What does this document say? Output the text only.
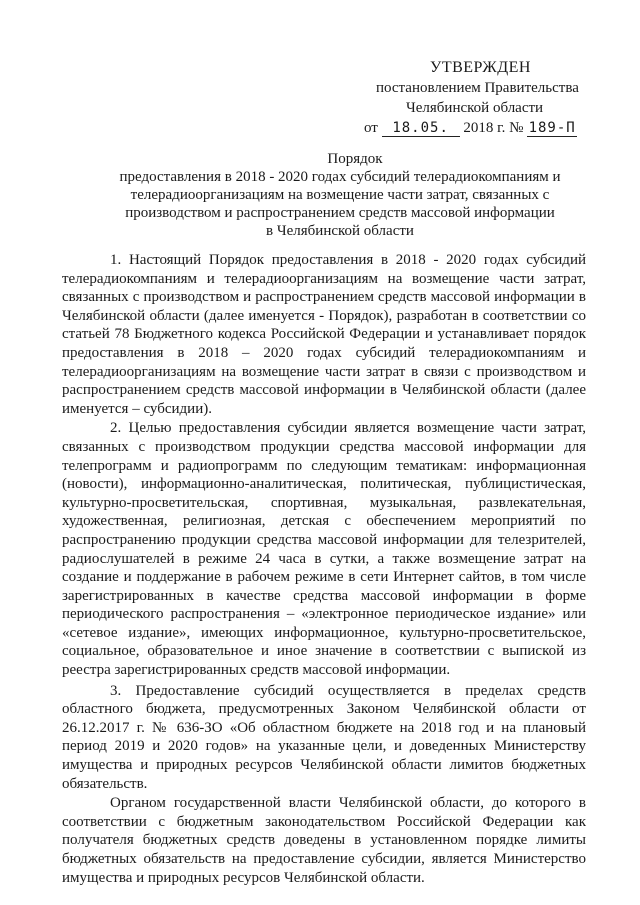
УТВЕРЖДЕН
постановлением Правительства
Челябинской области
от 18.05. 2018 г. № 189-П
Порядок
предоставления в 2018 - 2020 годах субсидий телерадиокомпаниям и
телерадиоорганизациям на возмещение части затрат, связанных с
производством и распространением средств массовой информации
в Челябинской области

1. Настоящий Порядок предоставления в 2018 - 2020 годах субсидий телерадиокомпаниям и телерадиоорганизациям на возмещение части затрат, связанных с производством и распространением средств массовой информации в Челябинской области (далее именуется - Порядок), разработан в соответствии со статьей 78 Бюджетного кодекса Российской Федерации и устанавливает порядок предоставления в 2018 – 2020 годах субсидий телерадиокомпаниям и телерадиоорганизациям на возмещение части затрат в связи с производством и распространением средств массовой информации в Челябинской области (далее именуется – субсидии).

2. Целью предоставления субсидии является возмещение части затрат, связанных с производством продукции средства массовой информации для телепрограмм и радиопрограмм по следующим тематикам: информационная (новости), информационно-аналитическая, политическая, публицистическая, культурно-просветительская, спортивная, музыкальная, развлекательная, художественная, религиозная, детская с обеспечением мероприятий по распространению продукции средства массовой информации для телезрителей, радиослушателей в режиме 24 часа в сутки, а также возмещение затрат на создание и поддержание в рабочем режиме в сети Интернет сайтов, в том числе зарегистрированных в качестве средства массовой информации в форме периодического распространения – «электронное периодическое издание» или «сетевое издание», имеющих информационное, культурно-просветительское, социальное, образовательное и иное значение в соответствии с выпиской из реестра зарегистрированных средств массовой информации.

3. Предоставление субсидий осуществляется в пределах средств областного бюджета, предусмотренных Законом Челябинской области от 26.12.2017 г. № 636-ЗО «Об областном бюджете на 2018 год и на плановый период 2019 и 2020 годов» на указанные цели, и доведенных Министерству имущества и природных ресурсов Челябинской области лимитов бюджетных обязательств.

Органом государственной власти Челябинской области, до которого в соответствии с бюджетным законодательством Российской Федерации как получателя бюджетных средств доведены в установленном порядке лимиты бюджетных обязательств на предоставление субсидии, является Министерство имущества и природных ресурсов Челябинской области.
